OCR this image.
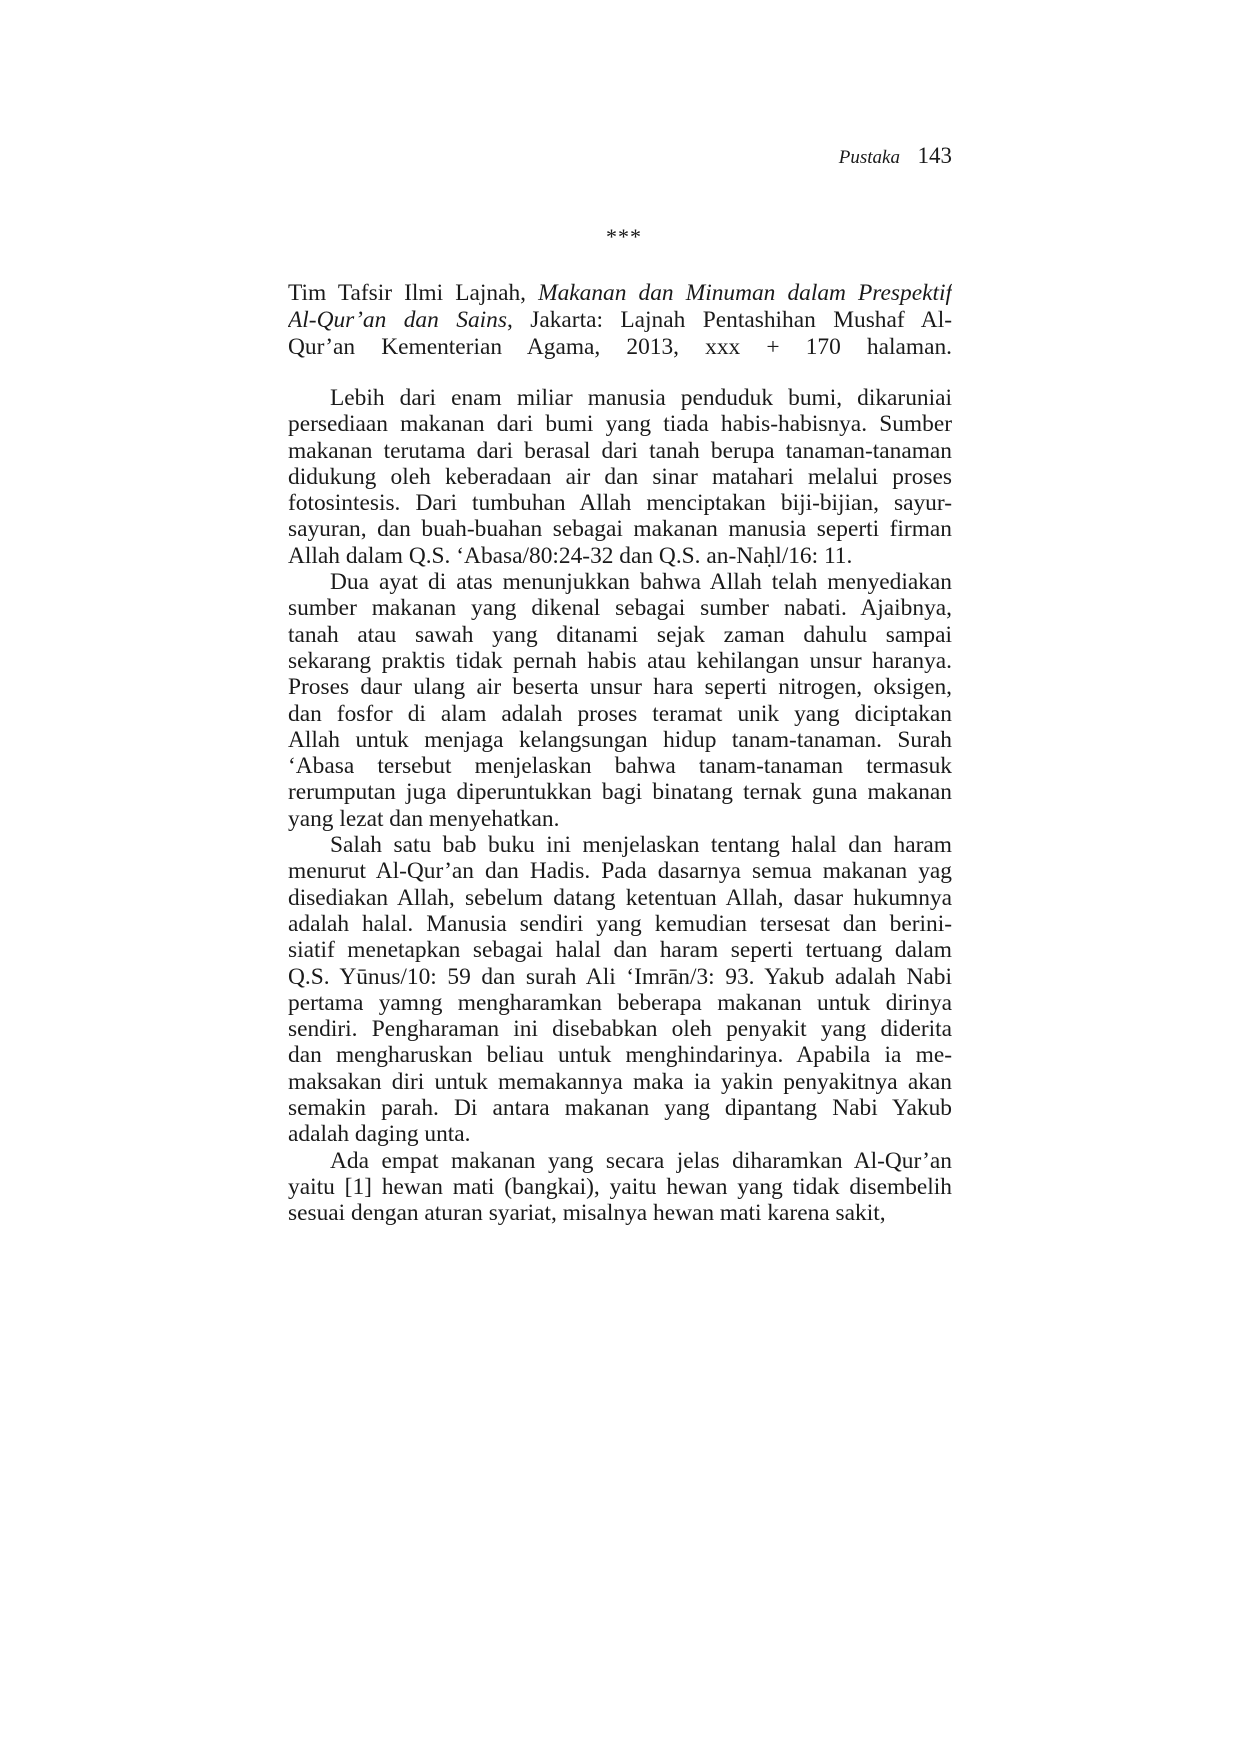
Pustaka 143
***
Tim Tafsir Ilmi Lajnah, Makanan dan Minuman dalam Prespektif
Al-Qur’an dan Sains, Jakarta: Lajnah Pentashihan Mushaf Al-
Qur’an Kementerian Agama, 2013, xxx + 170 halaman.
Lebih dari enam miliar manusia penduduk bumi, dikaruniai
persediaan makanan dari bumi yang tiada habis-habisnya. Sumber
makanan terutama dari berasal dari tanah berupa tanaman-tanaman
didukung oleh keberadaan air dan sinar matahari melalui proses
fotosintesis. Dari tumbuhan Allah menciptakan biji-bijian, sayur-
sayuran, dan buah-buahan sebagai makanan manusia seperti firman
Allah dalam Q.S. ‘Abasa/80:24-32 dan Q.S. an-Naḥl/16: 11.
Dua ayat di atas menunjukkan bahwa Allah telah menyediakan
sumber makanan yang dikenal sebagai sumber nabati. Ajaibnya,
tanah atau sawah yang ditanami sejak zaman dahulu sampai
sekarang praktis tidak pernah habis atau kehilangan unsur haranya.
Proses daur ulang air beserta unsur hara seperti nitrogen, oksigen,
dan fosfor di alam adalah proses teramat unik yang diciptakan
Allah untuk menjaga kelangsungan hidup tanam-tanaman. Surah
‘Abasa tersebut menjelaskan bahwa tanam-tanaman termasuk
rerumputan juga diperuntukkan bagi binatang ternak guna makanan
yang lezat dan menyehatkan.
Salah satu bab buku ini menjelaskan tentang halal dan haram
menurut Al-Qur’an dan Hadis. Pada dasarnya semua makanan yag
disediakan Allah, sebelum datang ketentuan Allah, dasar hukumnya
adalah halal. Manusia sendiri yang kemudian tersesat dan berini-
siatif menetapkan sebagai halal dan haram seperti tertuang dalam
Q.S. Yūnus/10: 59 dan surah Ali ‘Imrān/3: 93. Yakub adalah Nabi
pertama yamng mengharamkan beberapa makanan untuk dirinya
sendiri. Pengharaman ini disebabkan oleh penyakit yang diderita
dan mengharuskan beliau untuk menghindarinya. Apabila ia me-
maksakan diri untuk memakannya maka ia yakin penyakitnya akan
semakin parah. Di antara makanan yang dipantang Nabi Yakub
adalah daging unta.
Ada empat makanan yang secara jelas diharamkan Al-Qur’an
yaitu [1] hewan mati (bangkai), yaitu hewan yang tidak disembelih
sesuai dengan aturan syariat, misalnya hewan mati karena sakit,
